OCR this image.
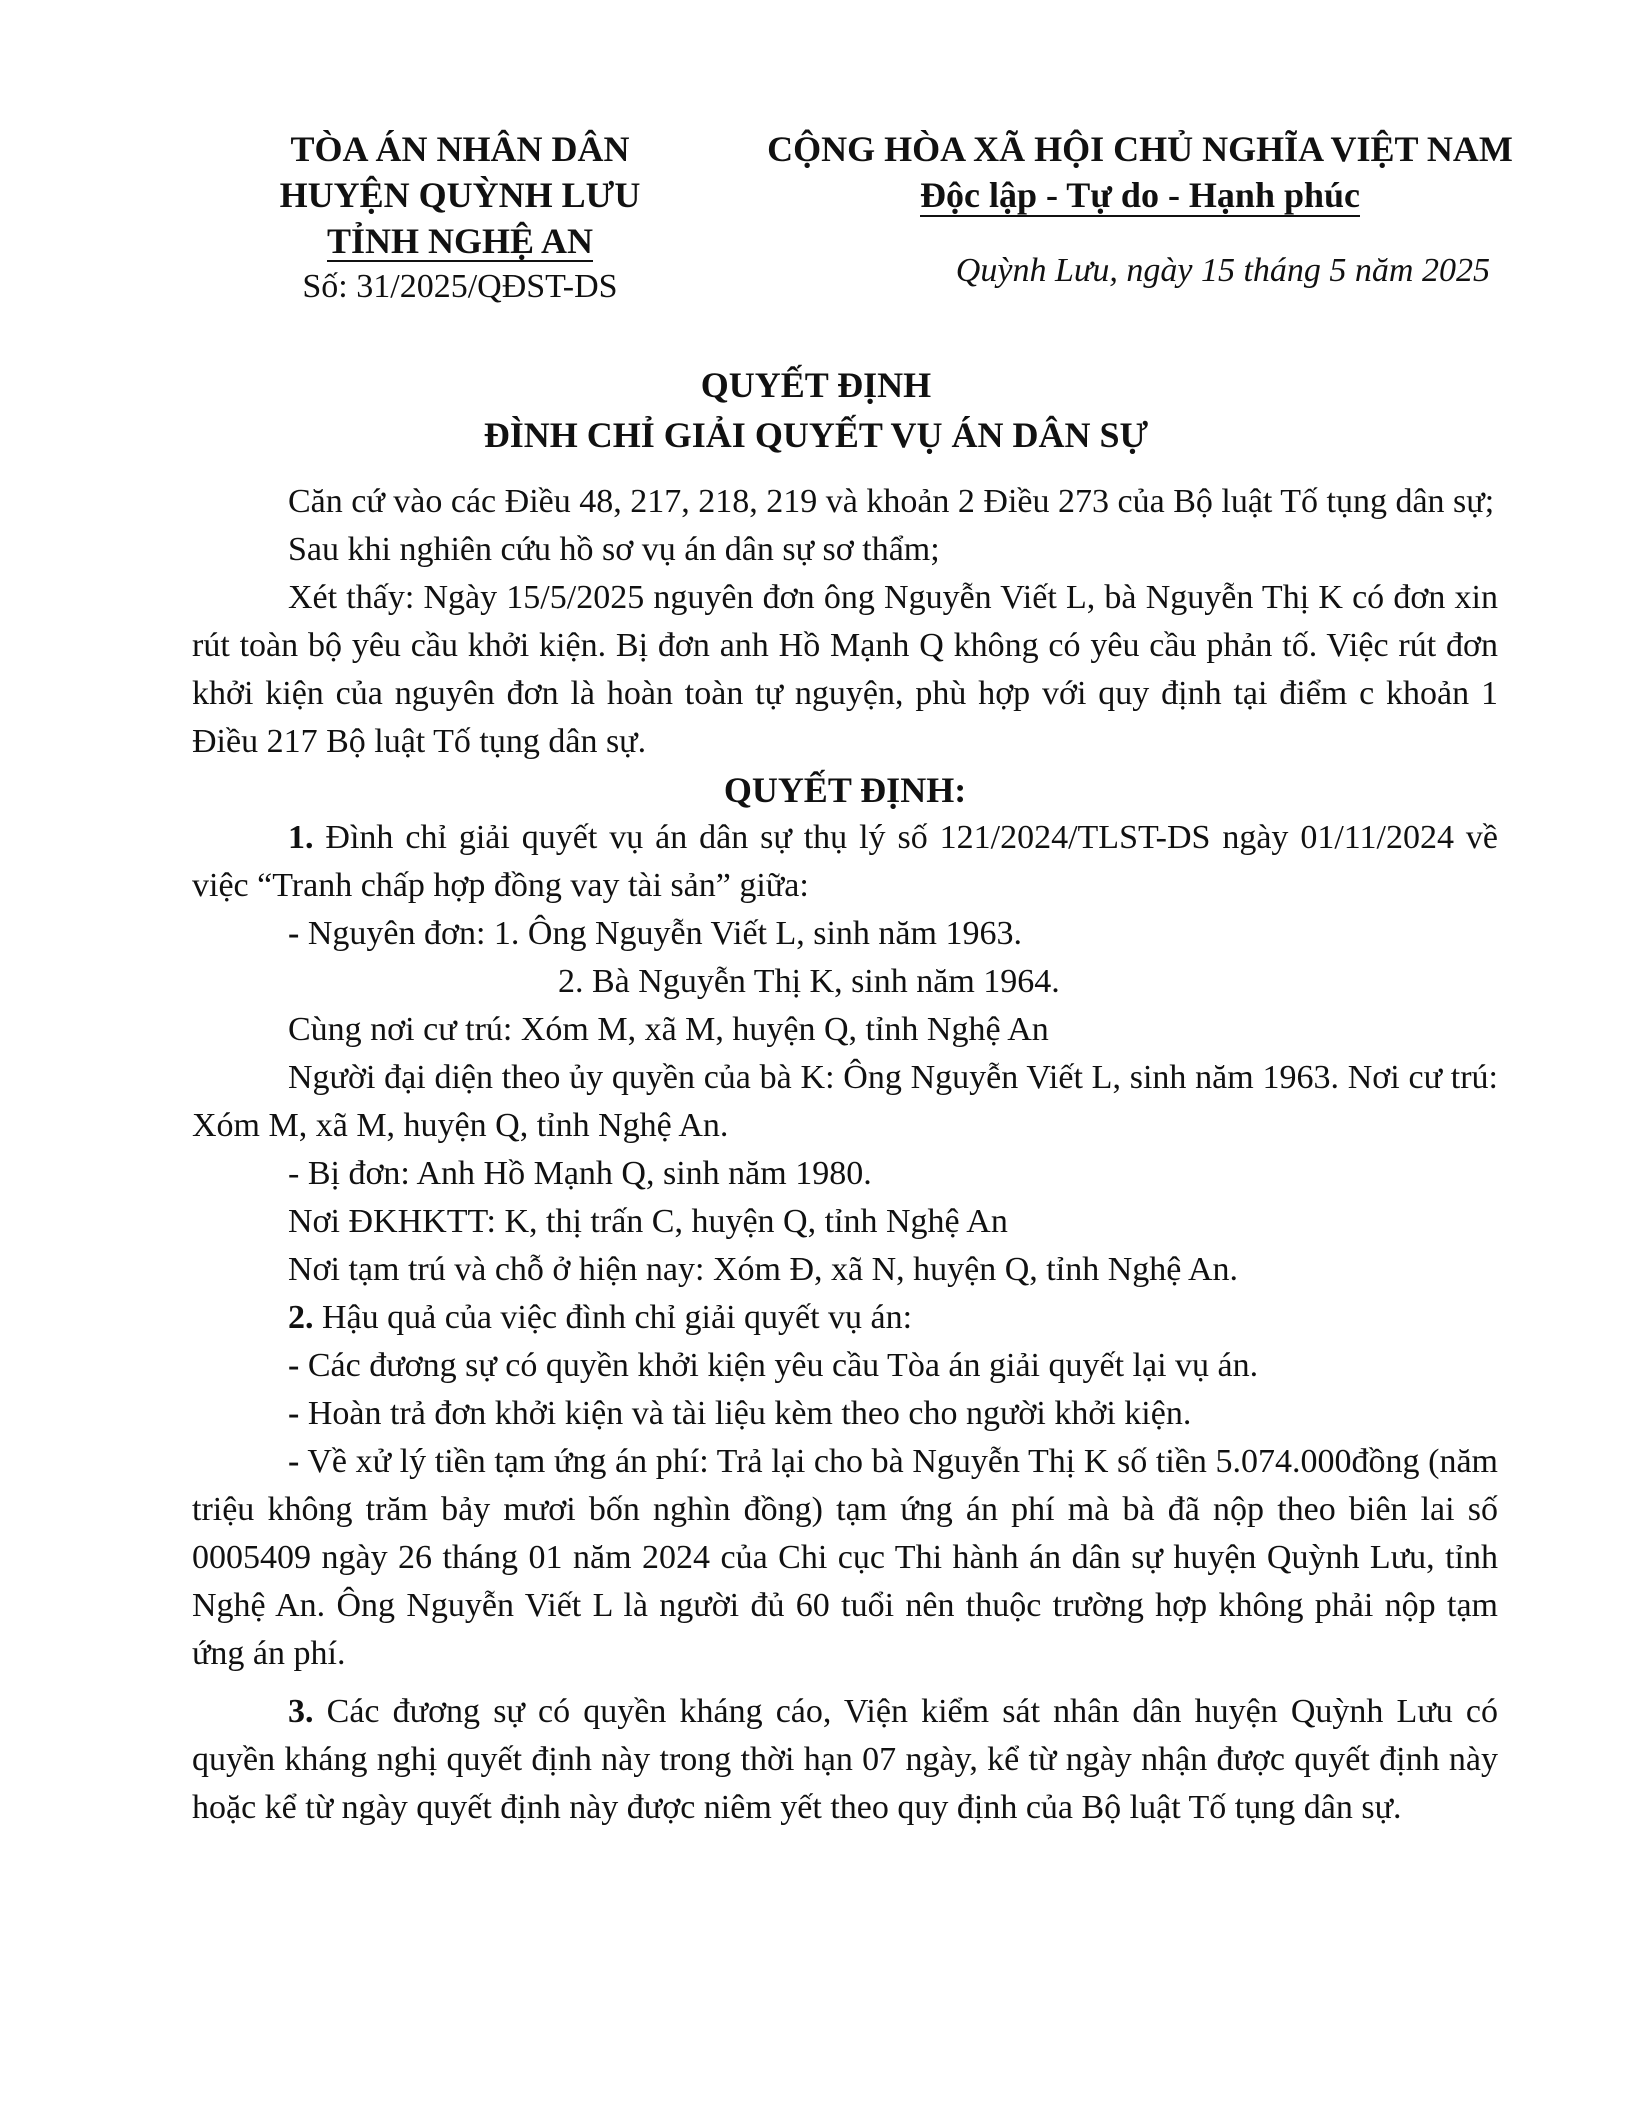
TÒA ÁN NHÂN DÂN
HUYỆN QUỲNH LƯU
TỈNH NGHỆ AN
Số: 31/2025/QĐST-DS
CỘNG HÒA XÃ HỘI CHỦ NGHĨA VIỆT NAM
Độc lập - Tự do - Hạnh phúc
Quỳnh Lưu, ngày 15 tháng 5 năm 2025
QUYẾT ĐỊNH
ĐÌNH CHỈ GIẢI QUYẾT VỤ ÁN DÂN SỰ

Căn cứ vào các Điều 48, 217, 218, 219 và khoản 2 Điều 273 của Bộ luật Tố tụng dân sự;

Sau khi nghiên cứu hồ sơ vụ án dân sự sơ thẩm;

Xét thấy: Ngày 15/5/2025 nguyên đơn ông Nguyễn Viết L, bà Nguyễn Thị K có đơn xin rút toàn bộ yêu cầu khởi kiện. Bị đơn anh Hồ Mạnh Q không có yêu cầu phản tố. Việc rút đơn khởi kiện của nguyên đơn là hoàn toàn tự nguyện, phù hợp với quy định tại điểm c khoản 1 Điều 217 Bộ luật Tố tụng dân sự.

QUYẾT ĐỊNH:

1. Đình chỉ giải quyết vụ án dân sự thụ lý số 121/2024/TLST-DS ngày 01/11/2024 về việc “Tranh chấp hợp đồng vay tài sản” giữa:

- Nguyên đơn: 1. Ông Nguyễn Viết L, sinh năm 1963.

2. Bà Nguyễn Thị K, sinh năm 1964.

Cùng nơi cư trú: Xóm M, xã M, huyện Q, tỉnh Nghệ An

Người đại diện theo ủy quyền của bà K: Ông Nguyễn Viết L, sinh năm 1963. Nơi cư trú: Xóm M, xã M, huyện Q, tỉnh Nghệ An.

- Bị đơn: Anh Hồ Mạnh Q, sinh năm 1980.

Nơi ĐKHKTT: K, thị trấn C, huyện Q, tỉnh Nghệ An

Nơi tạm trú và chỗ ở hiện nay: Xóm Đ, xã N, huyện Q, tỉnh Nghệ An.

2. Hậu quả của việc đình chỉ giải quyết vụ án:

- Các đương sự có quyền khởi kiện yêu cầu Tòa án giải quyết lại vụ án.

- Hoàn trả đơn khởi kiện và tài liệu kèm theo cho người khởi kiện.

- Về xử lý tiền tạm ứng án phí: Trả lại cho bà Nguyễn Thị K số tiền 5.074.000đồng (năm triệu không trăm bảy mươi bốn nghìn đồng) tạm ứng án phí mà bà đã nộp theo biên lai số 0005409 ngày 26 tháng 01 năm 2024 của Chi cục Thi hành án dân sự huyện Quỳnh Lưu, tỉnh Nghệ An. Ông Nguyễn Viết L là người đủ 60 tuổi nên thuộc trường hợp không phải nộp tạm ứng án phí.

3. Các đương sự có quyền kháng cáo, Viện kiểm sát nhân dân huyện Quỳnh Lưu có quyền kháng nghị quyết định này trong thời hạn 07 ngày, kể từ ngày nhận được quyết định này hoặc kể từ ngày quyết định này được niêm yết theo quy định của Bộ luật Tố tụng dân sự.
